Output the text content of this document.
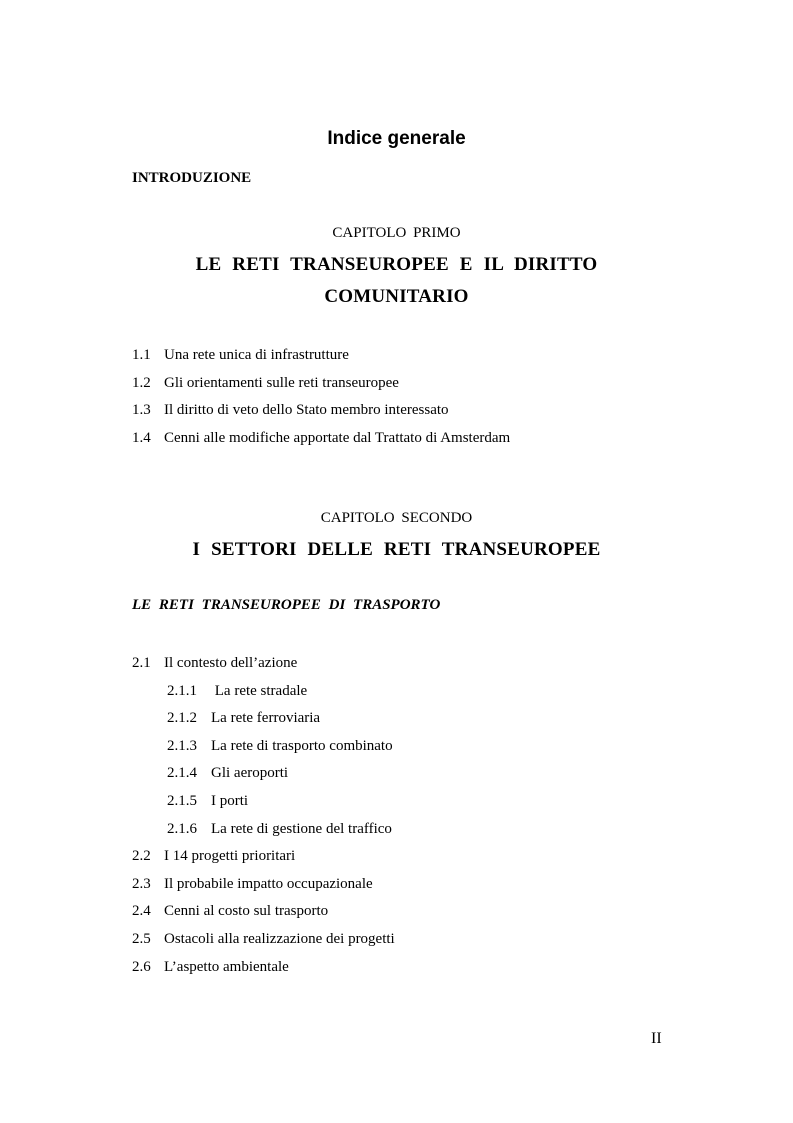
Indice generale
INTRODUZIONE
CAPITOLO PRIMO
LE RETI TRANSEUROPEE E IL DIRITTO
COMUNITARIO
1.1 Una rete unica di infrastrutture
1.2 Gli orientamenti sulle reti transeuropee
1.3 Il diritto di veto dello Stato membro interessato
1.4 Cenni alle modifiche apportate dal Trattato di Amsterdam
CAPITOLO SECONDO
I SETTORI DELLE RETI TRANSEUROPEE
LE RETI TRANSEUROPEE DI TRASPORTO
2.1 Il contesto dell’azione
2.1.1 La rete stradale
2.1.2 La rete ferroviaria
2.1.3 La rete di trasporto combinato
2.1.4 Gli aeroporti
2.1.5 I porti
2.1.6 La rete di gestione del traffico
2.2 I 14 progetti prioritari
2.3 Il probabile impatto occupazionale
2.4 Cenni al costo sul trasporto
2.5 Ostacoli alla realizzazione dei progetti
2.6 L’aspetto ambientale
II
